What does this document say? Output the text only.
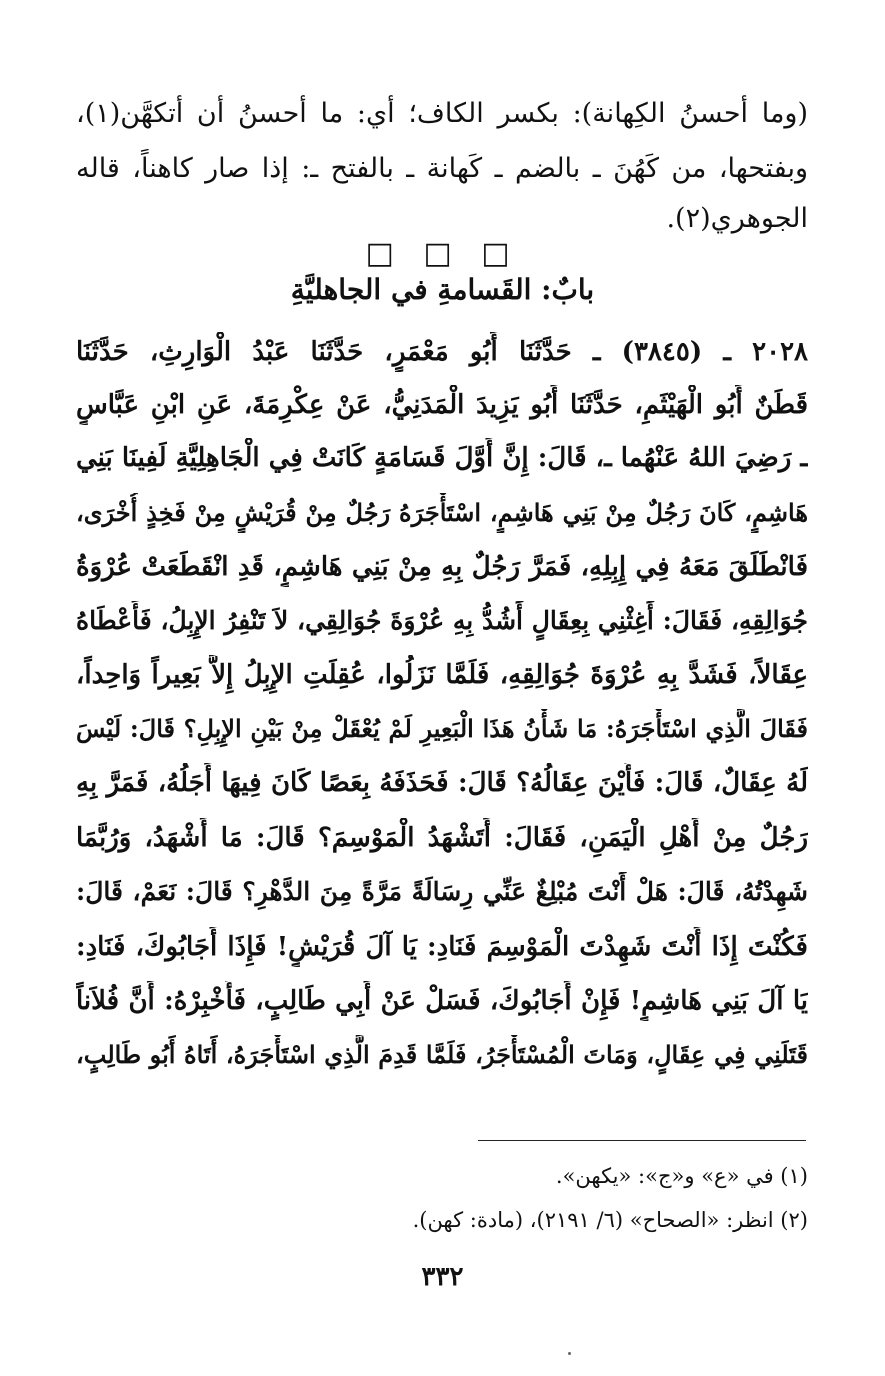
(وما أحسنُ الكِهانة): بكسر الكاف؛ أي: ما أحسنُ أن أتكهَّن(١)،
وبفتحها، من كَهُنَ ـ بالضم ـ كَهانة ـ بالفتح ـ: إذا صار كاهناً، قاله
الجوهري(٢).
□ □ □
بابٌ: القَسامةِ في الجاهليَّةِ
٢٠٢٨ ـ (٣٨٤٥) ـ حَدَّثَنَا أَبُو مَعْمَرٍ، حَدَّثَنَا عَبْدُ الْوَارِثِ، حَدَّثَنَا
قَطَنٌ أَبُو الْهَيْثَمِ، حَدَّثَنَا أَبُو يَزِيدَ الْمَدَنِيُّ، عَنْ عِكْرِمَةَ، عَنِ ابْنِ عَبَّاسٍ
ـ رَضِيَ اللهُ عَنْهُما ـ، قَالَ: إِنَّ أَوَّلَ قَسَامَةٍ كَانَتْ فِي الْجَاهِلِيَّةِ لَفِينَا بَنِي
هَاشِمٍ، كَانَ رَجُلٌ مِنْ بَنِي هَاشِمٍ، اسْتَأْجَرَهُ رَجُلٌ مِنْ قُرَيْشٍ مِنْ فَخِذٍ أُخْرَى،
فَانْطَلَقَ مَعَهُ فِي إِبِلِهِ، فَمَرَّ رَجُلٌ بِهِ مِنْ بَنِي هَاشِمٍ، قَدِ انْقَطَعَتْ عُرْوَةُ
جُوَالِقِهِ، فَقَالَ: أَغِثْنِي بِعِقَالٍ أَشُدُّ بِهِ عُرْوَةَ جُوَالِقِي، لاَ تَنْفِرُ الإِبِلُ، فَأَعْطَاهُ
عِقَالاً، فَشَدَّ بِهِ عُرْوَةَ جُوَالِقِهِ، فَلَمَّا نَزَلُوا، عُقِلَتِ الإِبِلُ إِلاَّ بَعِيراً وَاحِداً،
فَقَالَ الَّذِي اسْتَأْجَرَهُ: مَا شَأْنُ هَذَا الْبَعِيرِ لَمْ يُعْقَلْ مِنْ بَيْنِ الإِبِلِ؟ قَالَ: لَيْسَ
لَهُ عِقَالٌ، قَالَ: فَأَيْنَ عِقَالُهُ؟ قَالَ: فَحَذَفَهُ بِعَصًا كَانَ فِيهَا أَجَلُهُ، فَمَرَّ بِهِ
رَجُلٌ مِنْ أَهْلِ الْيَمَنِ، فَقَالَ: أَتَشْهَدُ الْمَوْسِمَ؟ قَالَ: مَا أَشْهَدُ، وَرُبَّمَا
شَهِدْتُهُ، قَالَ: هَلْ أَنْتَ مُبْلِغٌ عَنِّي رِسَالَةً مَرَّةً مِنَ الدَّهْرِ؟ قَالَ: نَعَمْ، قَالَ:
فَكُنْتَ إِذَا أَنْتَ شَهِدْتَ الْمَوْسِمَ فَنَادِ: يَا آلَ قُرَيْشٍ! فَإِذَا أَجَابُوكَ، فَنَادِ:
يَا آلَ بَنِي هَاشِمٍ! فَإِنْ أَجَابُوكَ، فَسَلْ عَنْ أَبِي طَالِبٍ، فَأَخْبِرْهُ: أَنَّ فُلاَناً
قَتَلَنِي فِي عِقَالٍ، وَمَاتَ الْمُسْتَأْجَرُ، فَلَمَّا قَدِمَ الَّذِي اسْتَأْجَرَهُ، أَتَاهُ أَبُو طَالِبٍ،
(١) في «ع» و«ج»: «يكهن».
(٢) انظر: «الصحاح» (٦/ ٢١٩١)، (مادة: كهن).
٣٣٢
